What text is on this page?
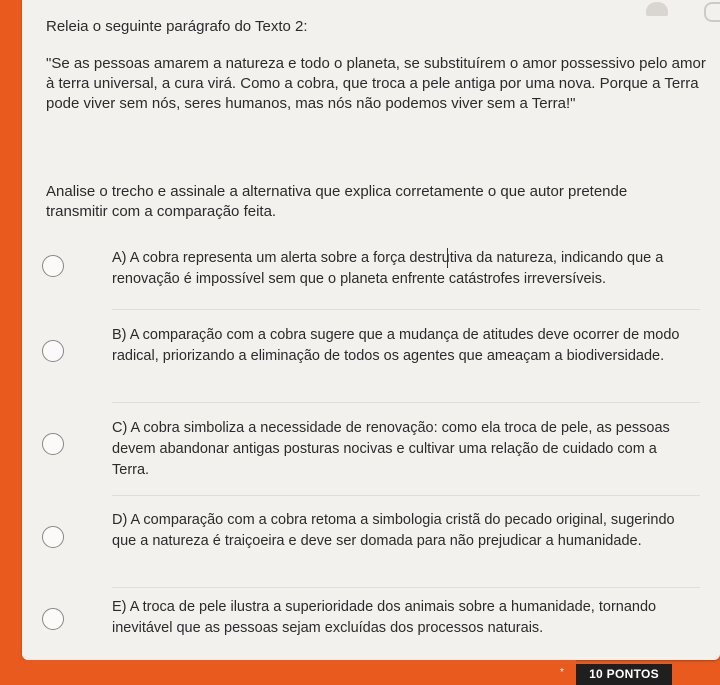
Releia o seguinte parágrafo do Texto 2:
"Se as pessoas amarem a natureza e todo o planeta, se substituírem o amor possessivo pelo amor à terra universal, a cura virá. Como a cobra, que troca a pele antiga por uma nova. Porque a Terra pode viver sem nós, seres humanos, mas nós não podemos viver sem a Terra!"
Analise o trecho e assinale a alternativa que explica corretamente o que autor pretende transmitir com a comparação feita.
A) A cobra representa um alerta sobre a força destrutiva da natureza, indicando que a renovação é impossível sem que o planeta enfrente catástrofes irreversíveis.
B) A comparação com a cobra sugere que a mudança de atitudes deve ocorrer de modo radical, priorizando a eliminação de todos os agentes que ameaçam a biodiversidade.
C) A cobra simboliza a necessidade de renovação: como ela troca de pele, as pessoas devem abandonar antigas posturas nocivas e cultivar uma relação de cuidado com a Terra.
D) A comparação com a cobra retoma a simbologia cristã do pecado original, sugerindo que a natureza é traiçoeira e deve ser domada para não prejudicar a humanidade.
E) A troca de pele ilustra a superioridade dos animais sobre a humanidade, tornando inevitável que as pessoas sejam excluídas dos processos naturais.
*	10 PONTOS
